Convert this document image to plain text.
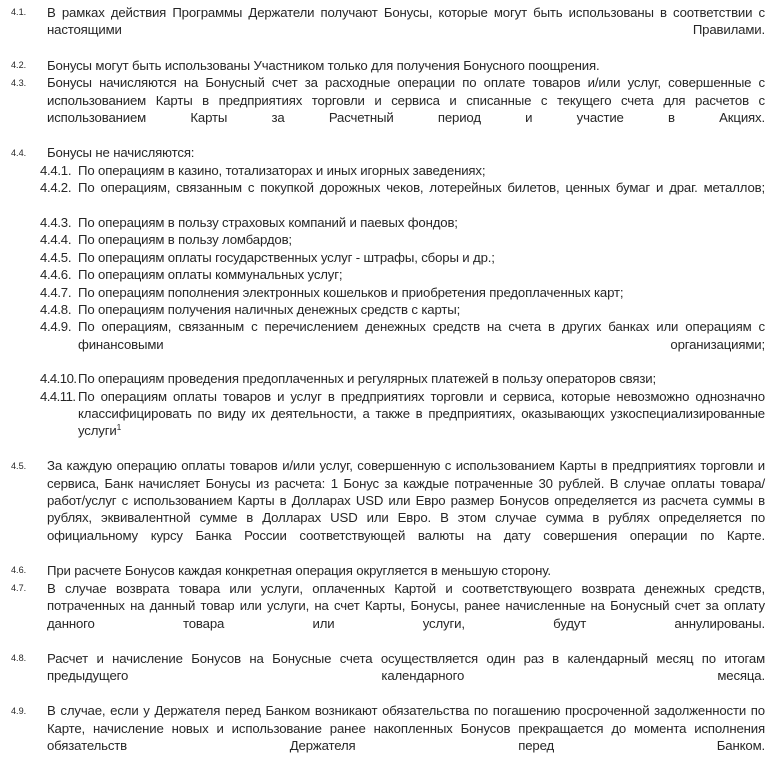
4.1.	В рамках действия Программы Держатели получают Бонусы, которые могут быть использованы в соответствии с настоящими Правилами.
4.2.	Бонусы могут быть использованы Участником только для получения Бонусного поощрения.
4.3.	Бонусы начисляются на Бонусный счет за расходные операции по оплате товаров и/или услуг, совершенные с использованием Карты в предприятиях торговли и сервиса и списанные с текущего счета для расчетов с использованием Карты за Расчетный период и участие в Акциях.
4.4.	Бонусы не начисляются:
4.4.1. По операциям в казино, тотализаторах и иных игорных заведениях;
4.4.2. По операциям, связанным с покупкой дорожных чеков, лотерейных билетов, ценных бумаг и драг. металлов;
4.4.3. По операциям в пользу страховых компаний и паевых фондов;
4.4.4. По операциям в пользу ломбардов;
4.4.5. По операциям оплаты государственных услуг - штрафы, сборы и др.;
4.4.6. По операциям оплаты коммунальных услуг;
4.4.7. По операциям пополнения электронных кошельков и приобретения предоплаченных карт;
4.4.8. По операциям получения наличных денежных средств с карты;
4.4.9. По операциям, связанным с перечислением денежных средств на счета в других банках или операциям с финансовыми организациями;
4.4.10. По операциям проведения предоплаченных и регулярных платежей в пользу операторов связи;
4.4.11. По операциям оплаты товаров и услуг в предприятиях торговли и сервиса, которые невозможно однозначно классифицировать по виду их деятельности, а также в предприятиях, оказывающих узкоспециализированные услуги$^1$
4.5.	За каждую операцию оплаты товаров и/или услуг, совершенную с использованием Карты в предприятиях торговли и сервиса, Банк начисляет Бонусы из расчета: 1 Бонус за каждые потраченные 30 рублей. В случае оплаты товара/работ/услуг с использованием Карты в Долларах USD или Евро размер Бонусов определяется из расчета суммы в рублях, эквивалентной сумме в Долларах USD или Евро. В этом случае сумма в рублях определяется по официальному курсу Банка России соответствующей валюты на дату совершения операции по Карте.
4.6.	При расчете Бонусов каждая конкретная операция округляется в меньшую сторону.
4.7.	В случае возврата товара или услуги, оплаченных Картой и соответствующего возврата денежных средств, потраченных на данный товар или услуги, на счет Карты, Бонусы, ранее начисленные на Бонусный счет за оплату данного товара или услуги, будут аннулированы.
4.8.	Расчет и начисление Бонусов на Бонусные счета осуществляется один раз в календарный месяц по итогам предыдущего календарного месяца.
4.9.	В случае, если у Держателя перед Банком возникают обязательства по погашению просроченной задолженности по Карте, начисление новых и использование ранее накопленных Бонусов прекращается до момента исполнения обязательств Держателя перед Банком.
